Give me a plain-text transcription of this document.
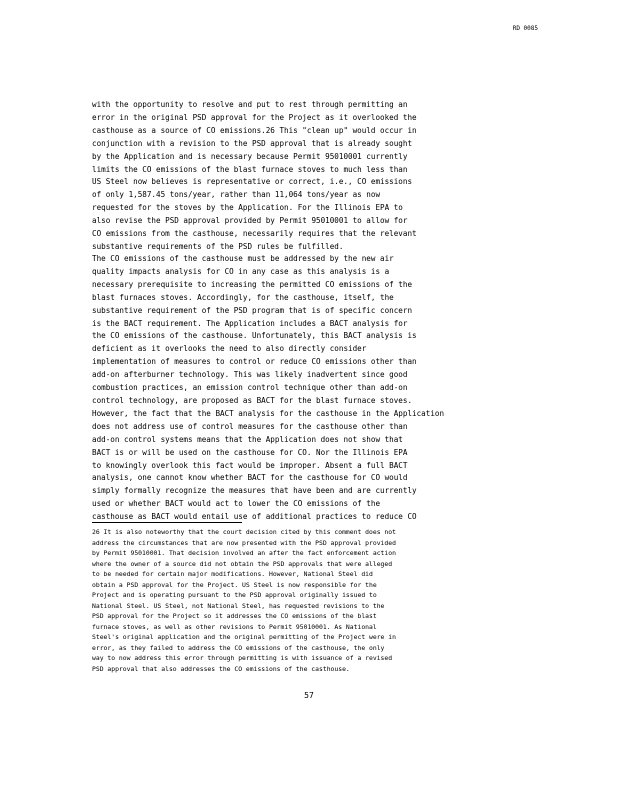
RD 0085

with the opportunity to resolve and put to rest through permitting an
error in the original PSD approval for the Project as it overlooked the
casthouse as a source of CO emissions.26 This "clean up" would occur in
conjunction with a revision to the PSD approval that is already sought
by the Application and is necessary because Permit 95010001 currently
limits the CO emissions of the blast furnace stoves to much less than
US Steel now believes is representative or correct, i.e., CO emissions
of only 1,587.45 tons/year, rather than 11,064 tons/year as now
requested for the stoves by the Application. For the Illinois EPA to
also revise the PSD approval provided by Permit 95010001 to allow for
CO emissions from the casthouse, necessarily requires that the relevant
substantive requirements of the PSD rules be fulfilled.

The CO emissions of the casthouse must be addressed by the new air
quality impacts analysis for CO in any case as this analysis is a
necessary prerequisite to increasing the permitted CO emissions of the
blast furnaces stoves. Accordingly, for the casthouse, itself, the
substantive requirement of the PSD program that is of specific concern
is the BACT requirement. The Application includes a BACT analysis for
the CO emissions of the casthouse. Unfortunately, this BACT analysis is
deficient as it overlooks the need to also directly consider
implementation of measures to control or reduce CO emissions other than
add-on afterburner technology. This was likely inadvertent since good
combustion practices, an emission control technique other than add-on
control technology, are proposed as BACT for the blast furnace stoves.
However, the fact that the BACT analysis for the casthouse in the Application
does not address use of control measures for the casthouse other than
add-on control systems means that the Application does not show that
BACT is or will be used on the casthouse for CO. Nor the Illinois EPA
to knowingly overlook this fact would be improper. Absent a full BACT
analysis, one cannot know whether BACT for the casthouse for CO would
simply formally recognize the measures that have been and are currently
used or whether BACT would act to lower the CO emissions of the
casthouse as BACT would entail use of additional practices to reduce CO

26 It is also noteworthy that the court decision cited by this comment does not
address the circumstances that are now presented with the PSD approval provided
by Permit 95010001. That decision involved an after the fact enforcement action
where the owner of a source did not obtain the PSD approvals that were alleged
to be needed for certain major modifications. However, National Steel did
obtain a PSD approval for the Project. US Steel is now responsible for the
Project and is operating pursuant to the PSD approval originally issued to
National Steel. US Steel, not National Steel, has requested revisions to the
PSD approval for the Project so it addresses the CO emissions of the blast
furnace stoves, as well as other revisions to Permit 95010001. As National
Steel's original application and the original permitting of the Project were in
error, as they failed to address the CO emissions of the casthouse, the only
way to now address this error through permitting is with issuance of a revised
PSD approval that also addresses the CO emissions of the casthouse.
57
